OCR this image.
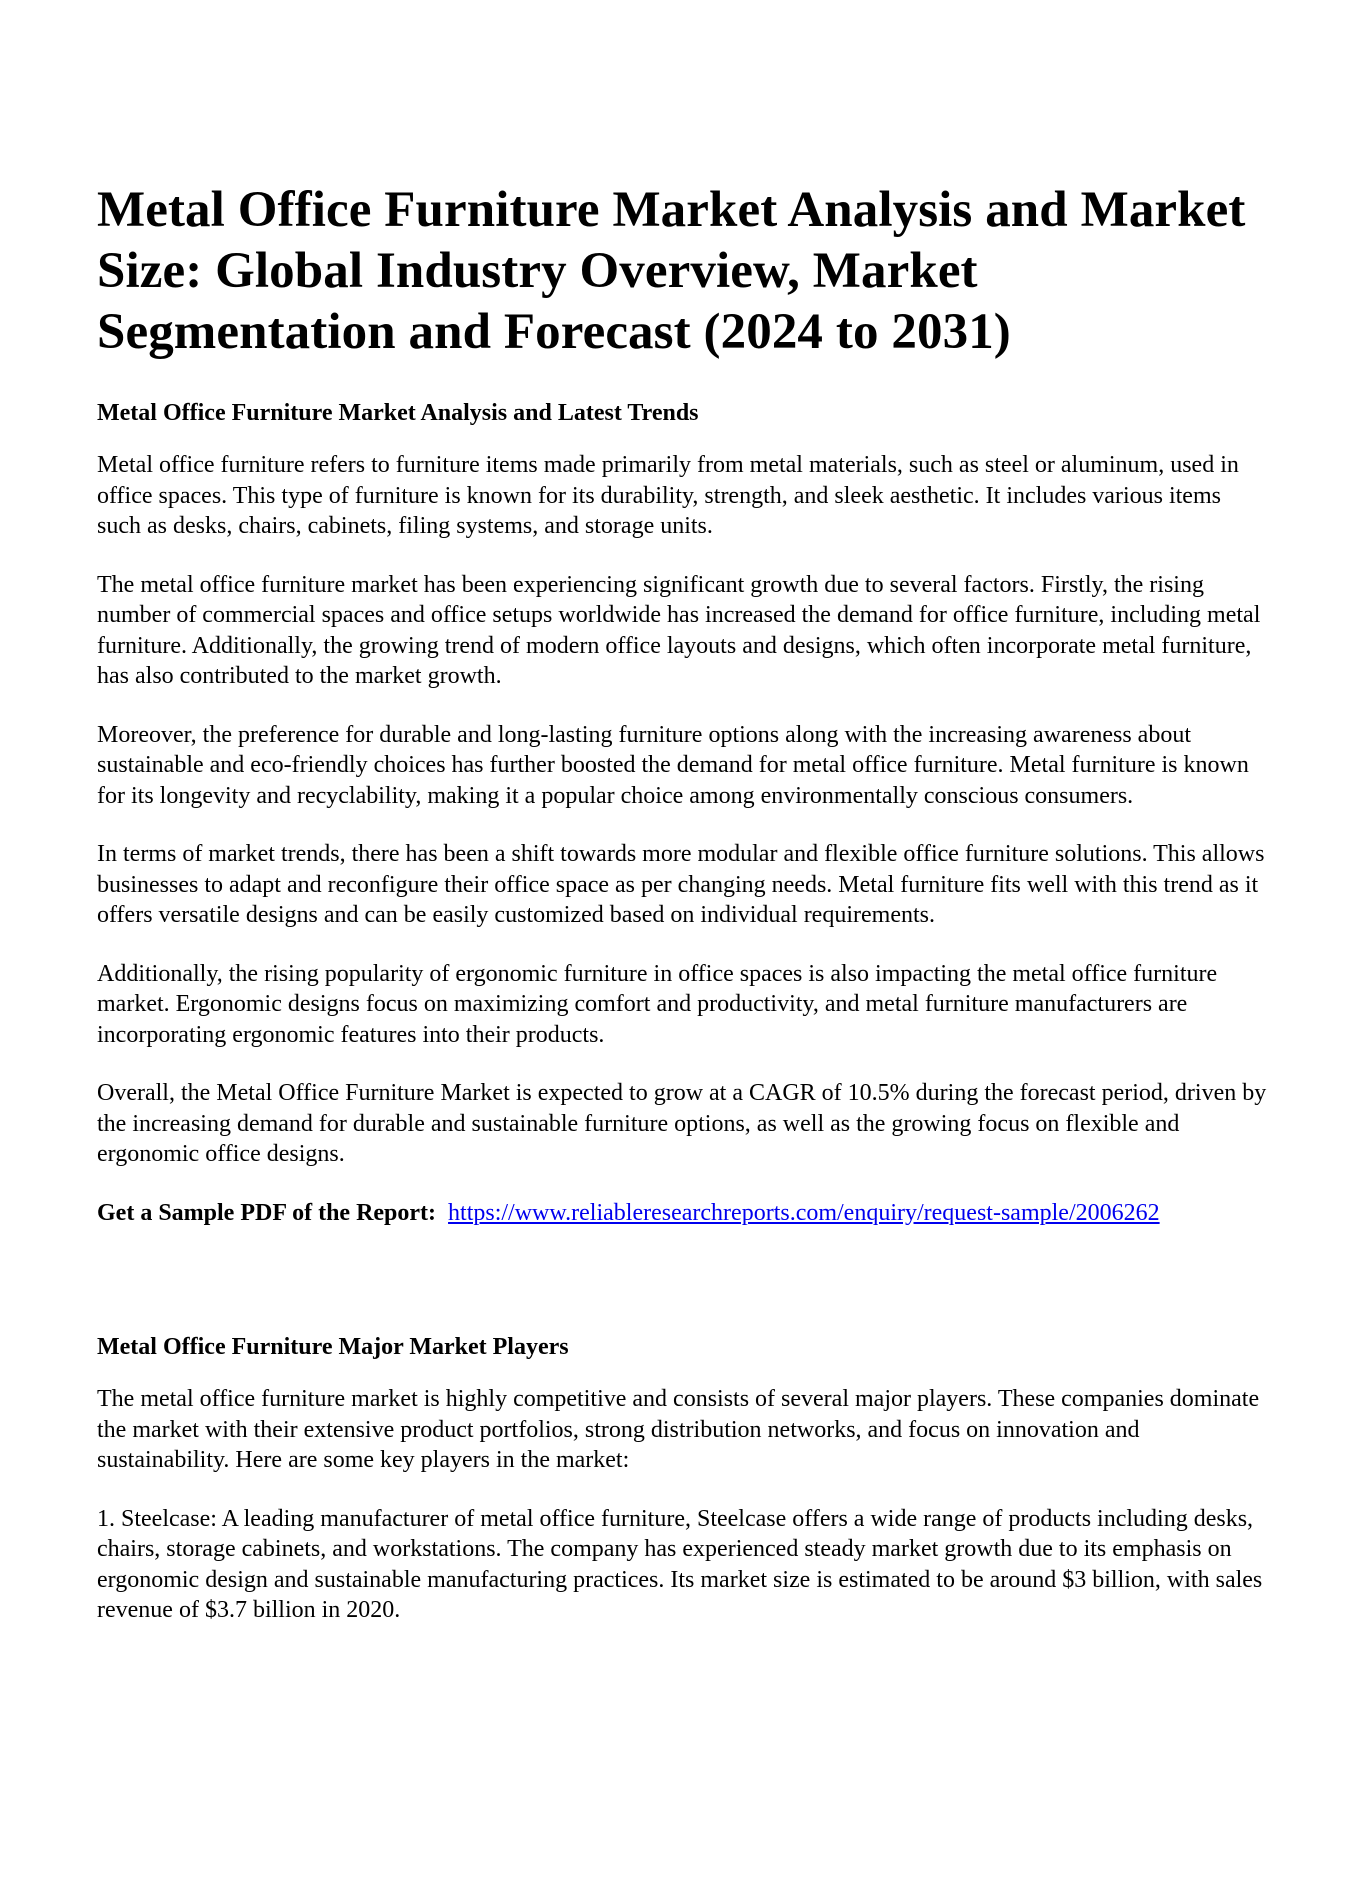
Metal Office Furniture Market Analysis and Market Size: Global Industry Overview, Market Segmentation and Forecast (2024 to 2031)
Metal Office Furniture Market Analysis and Latest Trends

Metal office furniture refers to furniture items made primarily from metal materials, such as steel or aluminum, used in office spaces. This type of furniture is known for its durability, strength, and sleek aesthetic. It includes various items such as desks, chairs, cabinets, filing systems, and storage units.

The metal office furniture market has been experiencing significant growth due to several factors. Firstly, the rising number of commercial spaces and office setups worldwide has increased the demand for office furniture, including metal furniture. Additionally, the growing trend of modern office layouts and designs, which often incorporate metal furniture, has also contributed to the market growth.

Moreover, the preference for durable and long-lasting furniture options along with the increasing awareness about sustainable and eco-friendly choices has further boosted the demand for metal office furniture. Metal furniture is known for its longevity and recyclability, making it a popular choice among environmentally conscious consumers.

In terms of market trends, there has been a shift towards more modular and flexible office furniture solutions. This allows businesses to adapt and reconfigure their office space as per changing needs. Metal furniture fits well with this trend as it offers versatile designs and can be easily customized based on individual requirements.

Additionally, the rising popularity of ergonomic furniture in office spaces is also impacting the metal office furniture market. Ergonomic designs focus on maximizing comfort and productivity, and metal furniture manufacturers are incorporating ergonomic features into their products.

Overall, the Metal Office Furniture Market is expected to grow at a CAGR of 10.5% during the forecast period, driven by the increasing demand for durable and sustainable furniture options, as well as the growing focus on flexible and ergonomic office designs.

Get a Sample PDF of the Report: https://www.reliableresearchreports.com/enquiry/request-sample/2006262

Metal Office Furniture Major Market Players

The metal office furniture market is highly competitive and consists of several major players. These companies dominate the market with their extensive product portfolios, strong distribution networks, and focus on innovation and sustainability. Here are some key players in the market:

1. Steelcase: A leading manufacturer of metal office furniture, Steelcase offers a wide range of products including desks, chairs, storage cabinets, and workstations. The company has experienced steady market growth due to its emphasis on ergonomic design and sustainable manufacturing practices. Its market size is estimated to be around $3 billion, with sales revenue of $3.7 billion in 2020.
